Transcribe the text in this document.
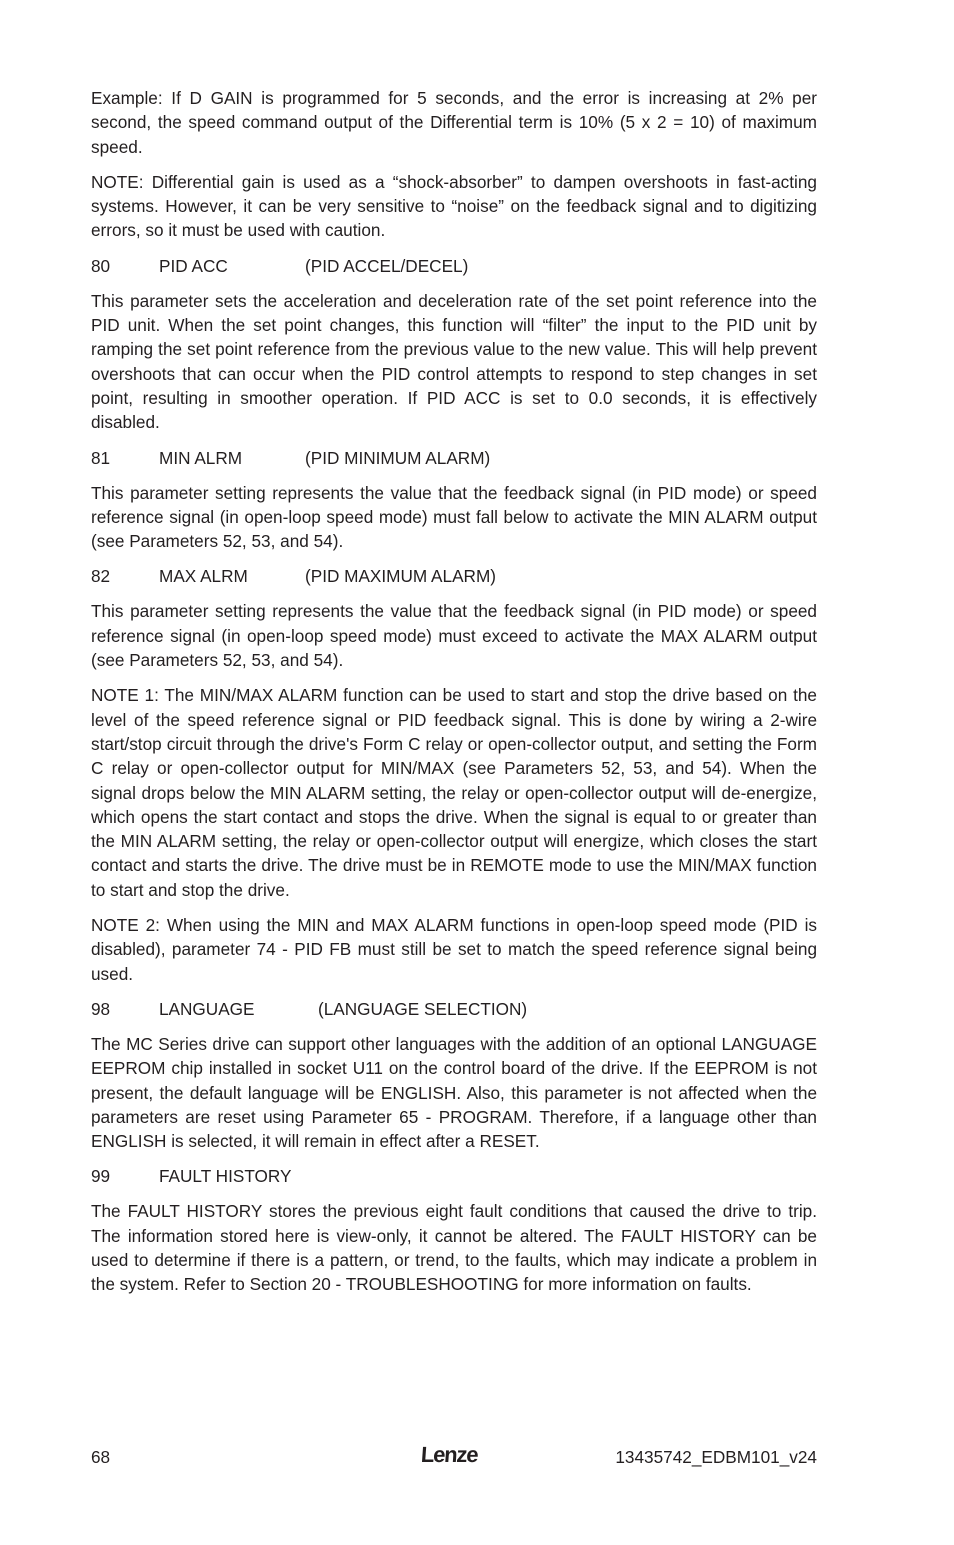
Example: If D GAIN is programmed for 5 seconds, and the error is increasing at 2% per second, the speed command output of the Differential term is 10% (5 x 2 = 10) of maximum speed.

NOTE: Differential gain is used as a “shock-absorber” to dampen overshoots in fast-acting systems. However, it can be very sensitive to “noise” on the feedback signal and to digitizing errors, so it must be used with caution.

80	PID ACC	(PID ACCEL/DECEL)

This parameter sets the acceleration and deceleration rate of the set point reference into the PID unit. When the set point changes, this function will “filter” the input to the PID unit by ramping the set point reference from the previous value to the new value. This will help prevent overshoots that can occur when the PID control attempts to respond to step changes in set point, resulting in smoother operation. If PID ACC is set to 0.0 seconds, it is effectively disabled.

81	MIN ALRM	(PID MINIMUM ALARM)

This parameter setting represents the value that the feedback signal (in PID mode) or speed reference signal (in open-loop speed mode) must fall below to activate the MIN ALARM output (see Parameters 52, 53, and 54).

82	MAX ALRM	(PID MAXIMUM ALARM)

This parameter setting represents the value that the feedback signal (in PID mode) or speed reference signal (in open-loop speed mode) must exceed to activate the MAX ALARM output (see Parameters 52, 53, and 54).

NOTE 1: The MIN/MAX ALARM function can be used to start and stop the drive based on the level of the speed reference signal or PID feedback signal. This is done by wiring a 2-wire start/stop circuit through the drive's Form C relay or open-collector output, and setting the Form C relay or open-collector output for MIN/MAX (see Parameters 52, 53, and 54). When the signal drops below the MIN ALARM setting, the relay or open-collector output will de-energize, which opens the start contact and stops the drive. When the signal is equal to or greater than the MIN ALARM setting, the relay or open-collector output will energize, which closes the start contact and starts the drive. The drive must be in REMOTE mode to use the MIN/MAX function to start and stop the drive.

NOTE 2: When using the MIN and MAX ALARM functions in open-loop speed mode (PID is disabled), parameter 74 - PID FB must still be set to match the speed reference signal being used.

98	LANGUAGE	(LANGUAGE SELECTION)

The MC Series drive can support other languages with the addition of an optional LANGUAGE EEPROM chip installed in socket U11 on the control board of the drive. If the EEPROM is not present, the default language will be ENGLISH. Also, this parameter is not affected when the parameters are reset using Parameter 65 - PROGRAM. Therefore, if a language other than ENGLISH is selected, it will remain in effect after a RESET.

99	FAULT HISTORY

The FAULT HISTORY stores the previous eight fault conditions that caused the drive to trip. The information stored here is view-only, it cannot be altered. The FAULT HISTORY can be used to determine if there is a pattern, or trend, to the faults, which may indicate a problem in the system. Refer to Section 20 - TROUBLESHOOTING for more information on faults.

68	Lenze	13435742_EDBM101_v24
